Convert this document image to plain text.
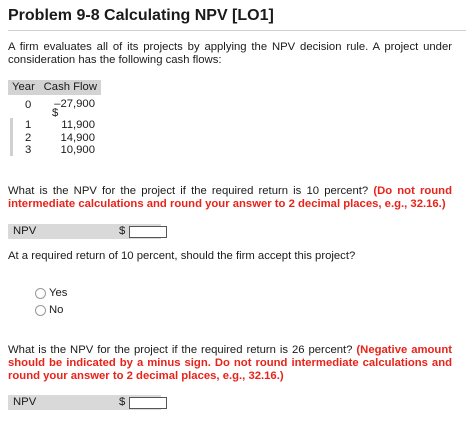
Problem 9-8 Calculating NPV [LO1]
A firm evaluates all of its projects by applying the NPV decision rule. A project under consideration has the following cash flows:
Year Cash Flow
0 –27,900
$
1	11,900
2	14,900
3	10,900
What is the NPV for the project if the required return is 10 percent? (Do not round intermediate calculations and round your answer to 2 decimal places, e.g., 32.16.)
NPV	$
At a required return of 10 percent, should the firm accept this project?
Yes
No
What is the NPV for the project if the required return is 26 percent? (Negative amount should be indicated by a minus sign. Do not round intermediate calculations and round your answer to 2 decimal places, e.g., 32.16.)
NPV	$
